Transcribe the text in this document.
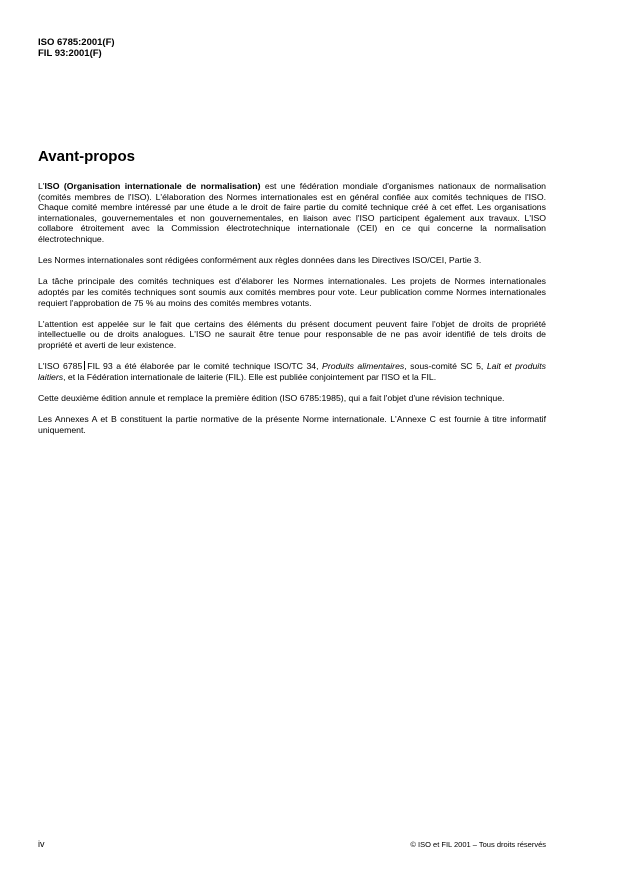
ISO 6785:2001(F)
FIL 93:2001(F)
Avant-propos

L'ISO (Organisation internationale de normalisation) est une fédération mondiale d'organismes nationaux de normalisation (comités membres de l'ISO). L'élaboration des Normes internationales est en général confiée aux comités techniques de l'ISO. Chaque comité membre intéressé par une étude a le droit de faire partie du comité technique créé à cet effet. Les organisations internationales, gouvernementales et non gouvernementales, en liaison avec l'ISO participent également aux travaux. L'ISO collabore étroitement avec la Commission électrotechnique internationale (CEI) en ce qui concerne la normalisation électrotechnique.

Les Normes internationales sont rédigées conformément aux règles données dans les Directives ISO/CEI, Partie 3.

La tâche principale des comités techniques est d'élaborer les Normes internationales. Les projets de Normes internationales adoptés par les comités techniques sont soumis aux comités membres pour vote. Leur publication comme Normes internationales requiert l'approbation de 75 % au moins des comités membres votants.

L'attention est appelée sur le fait que certains des éléments du présent document peuvent faire l'objet de droits de propriété intellectuelle ou de droits analogues. L'ISO ne saurait être tenue pour responsable de ne pas avoir identifié de tels droits de propriété et averti de leur existence.

L'ISO 6785 FIL 93 a été élaborée par le comité technique ISO/TC 34, Produits alimentaires, sous-comité SC 5, Lait et produits laitiers, et la Fédération internationale de laiterie (FIL). Elle est publiée conjointement par l'ISO et la FIL.

Cette deuxième édition annule et remplace la première édition (ISO 6785:1985), qui a fait l'objet d'une révision technique.

Les Annexes A et B constituent la partie normative de la présente Norme internationale. L'Annexe C est fournie à titre informatif uniquement.

iv	© ISO et FIL 2001 – Tous droits réservés
